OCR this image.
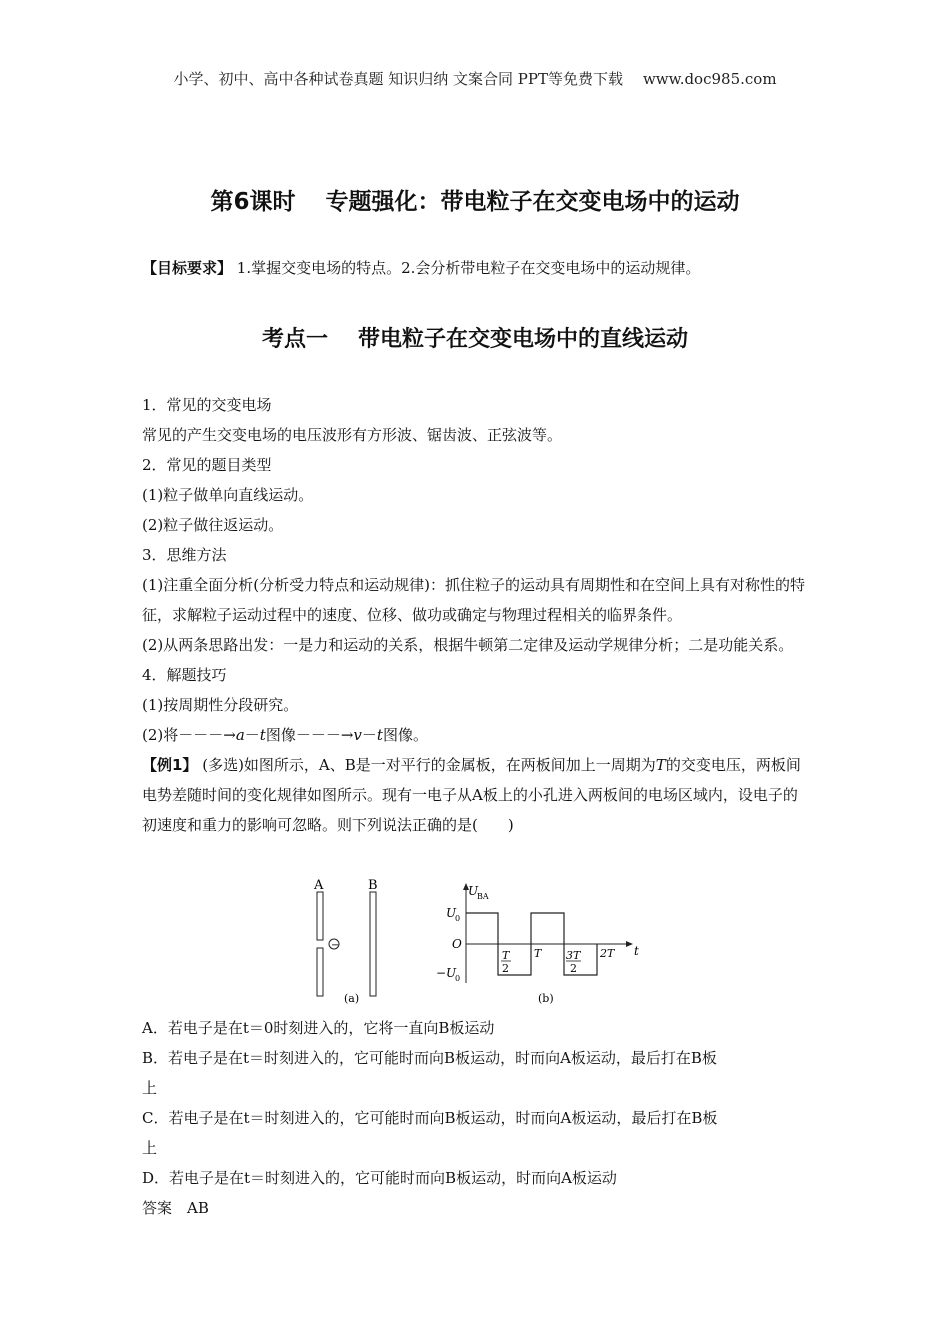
小学、初中、高中各种试卷真题 知识归纳 文案合同 PPT等免费下载 www.doc985.com
第6课时 专题强化：带电粒子在交变电场中的运动
【目标要求】 1.掌握交变电场的特点。2.会分析带电粒子在交变电场中的运动规律。
考点一 带电粒子在交变电场中的直线运动

1．常见的交变电场

常见的产生交变电场的电压波形有方形波、锯齿波、正弦波等。

2．常见的题目类型

(1)粒子做单向直线运动。

(2)粒子做往返运动。

3．思维方法

(1)注重全面分析(分析受力特点和运动规律)：抓住粒子的运动具有周期性和在空间上具有对称性的特征，求解粒子运动过程中的速度、位移、做功或确定与物理过程相关的临界条件。

(2)从两条思路出发：一是力和运动的关系，根据牛顿第二定律及运动学规律分析；二是功能关系。

4．解题技巧

(1)按周期性分段研究。

(2)将－－－→a－t图像－－－→v－t图像。

【例1】 (多选)如图所示，A、B是一对平行的金属板，在两板间加上一周期为T的交变电压，两板间电势差随时间的变化规律如图所示。现有一电子从A板上的小孔进入两板间的电场区域内，设电子的初速度和重力的影响可忽略。则下列说法正确的是(　　)

A
−
B
(a)
U
BA
t
U
0
O
−U
0
T
2
T 3T
2
2T
(b)

A．若电子是在t＝0时刻进入的，它将一直向B板运动

B．若电子是在t＝时刻进入的，它可能时而向B板运动，时而向A板运动，最后打在B板

上

C．若电子是在t＝时刻进入的，它可能时而向B板运动，时而向A板运动，最后打在B板

上

D．若电子是在t＝时刻进入的，它可能时而向B板运动，时而向A板运动

答案　 AB
